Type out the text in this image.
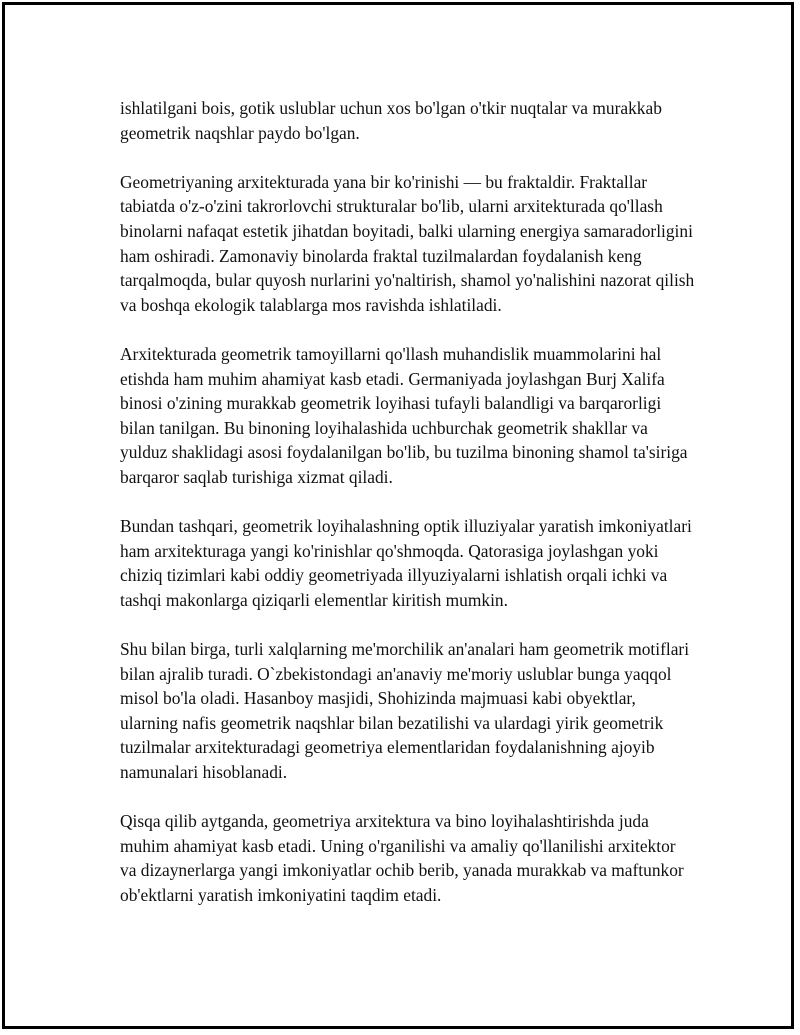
ishlatilgani bois, gotik uslublar uchun xos bo'lgan o'tkir nuqtalar va murakkab geometrik naqshlar paydo bo'lgan.

Geometriyaning arxitekturada yana bir ko'rinishi — bu fraktaldir. Fraktallar tabiatda o'z-o'zini takrorlovchi strukturalar bo'lib, ularni arxitekturada qo'llash binolarni nafaqat estetik jihatdan boyitadi, balki ularning energiya samaradorligini ham oshiradi. Zamonaviy binolarda fraktal tuzilmalardan foydalanish keng tarqalmoqda, bular quyosh nurlarini yo'naltirish, shamol yo'nalishini nazorat qilish va boshqa ekologik talablarga mos ravishda ishlatiladi.

Arxitekturada geometrik tamoyillarni qo'llash muhandislik muammolarini hal etishda ham muhim ahamiyat kasb etadi. Germaniyada joylashgan Burj Xalifa binosi o'zining murakkab geometrik loyihasi tufayli balandligi va barqarorligi bilan tanilgan. Bu binoning loyihalashida uchburchak geometrik shakllar va yulduz shaklidagi asosi foydalanilgan bo'lib, bu tuzilma binoning shamol ta'siriga barqaror saqlab turishiga xizmat qiladi.

Bundan tashqari, geometrik loyihalashning optik illuziyalar yaratish imkoniyatlari ham arxitekturaga yangi ko'rinishlar qo'shmoqda. Qatorasiga joylashgan yoki chiziq tizimlari kabi oddiy geometriyada illyuziyalarni ishlatish orqali ichki va tashqi makonlarga qiziqarli elementlar kiritish mumkin.

Shu bilan birga, turli xalqlarning me'morchilik an'analari ham geometrik motiflari bilan ajralib turadi. O`zbekistondagi an'anaviy me'moriy uslublar bunga yaqqol misol bo'la oladi. Hasanboy masjidi, Shohizinda majmuasi kabi obyektlar, ularning nafis geometrik naqshlar bilan bezatilishi va ulardagi yirik geometrik tuzilmalar arxitekturadagi geometriya elementlaridan foydalanishning ajoyib namunalari hisoblanadi.

Qisqa qilib aytganda, geometriya arxitektura va bino loyihalashtirishda juda muhim ahamiyat kasb etadi. Uning o'rganilishi va amaliy qo'llanilishi arxitektor va dizaynerlarga yangi imkoniyatlar ochib berib, yanada murakkab va maftunkor ob'ektlarni yaratish imkoniyatini taqdim etadi.
